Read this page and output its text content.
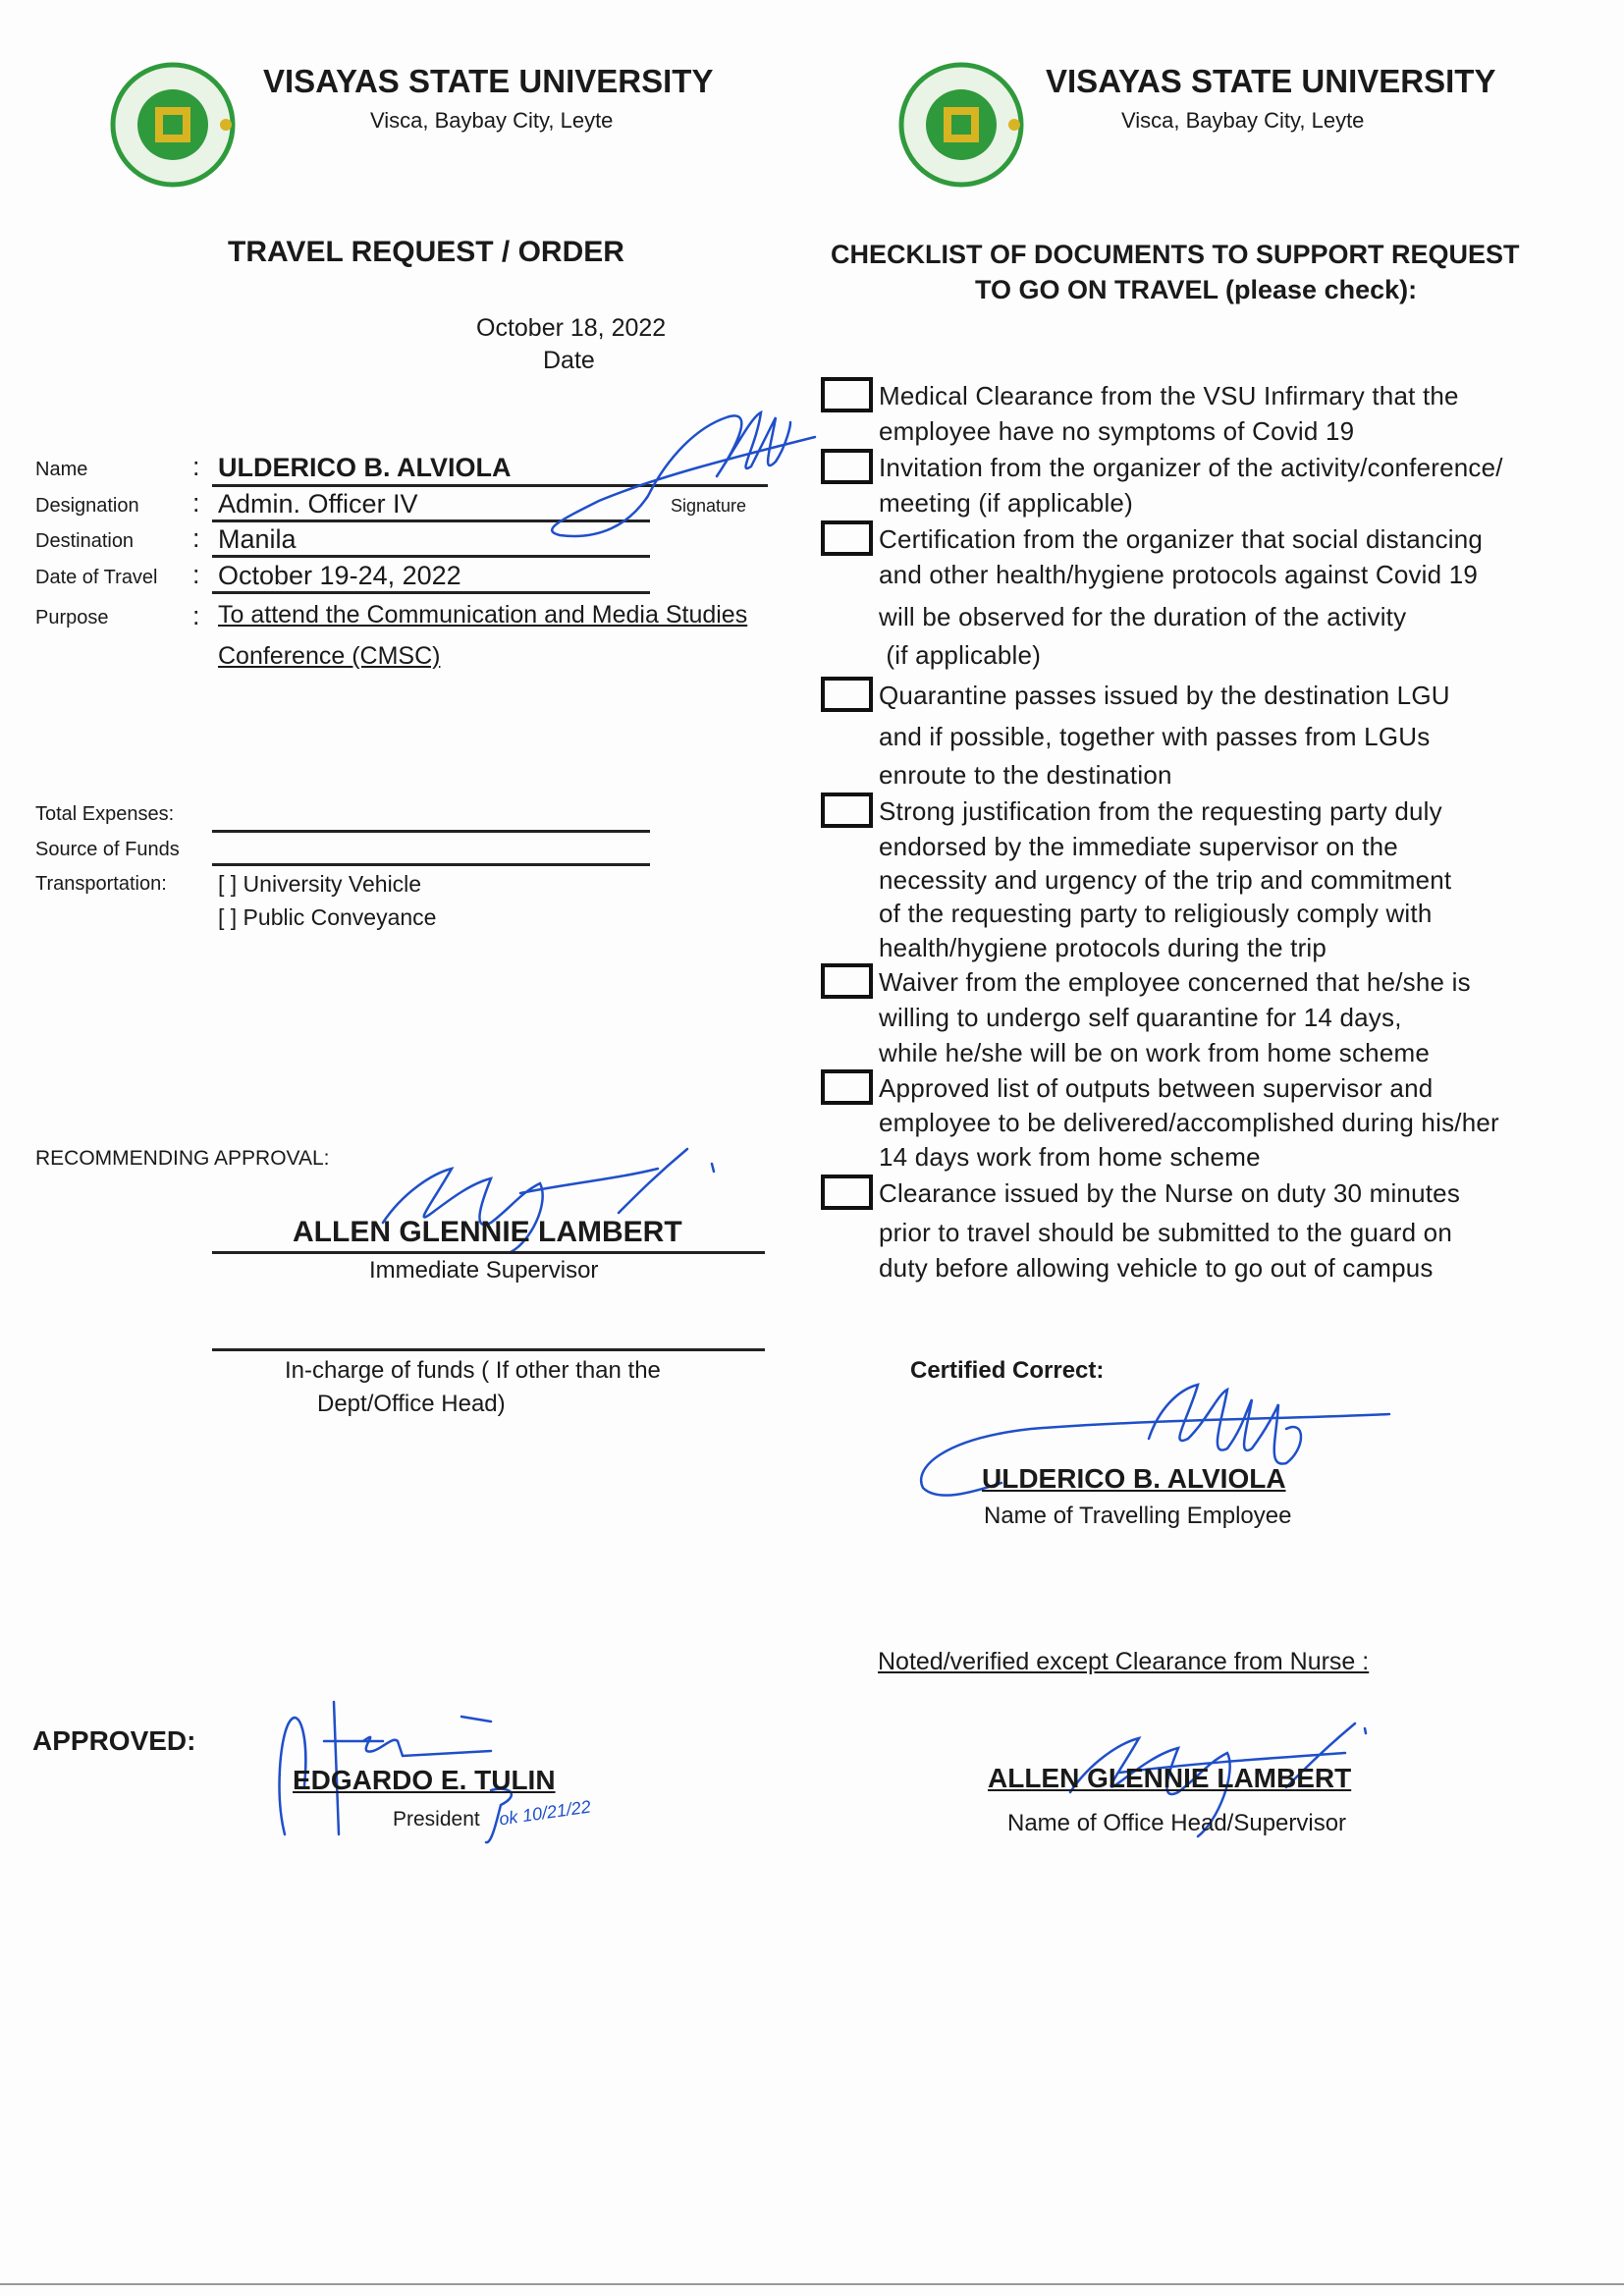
VISAYAS STATE UNIVERSITY
Visca, Baybay City, Leyte
VISAYAS STATE UNIVERSITY
Visca, Baybay City, Leyte
TRAVEL REQUEST / ORDER
October 18, 2022
Date
Name
Designation
Destination
Date of Travel
Purpose
:
:
:
:
:
ULDERICO B. ALVIOLA
Admin. Officer IV	Signature
Manila
October 19-24, 2022
To attend the Communication and Media Studies
Conference (CMSC)
Total Expenses:
Source of Funds
Transportation: [ ] University Vehicle
[ ] Public Conveyance
RECOMMENDING APPROVAL:
ALLEN GLENNIE LAMBERT
Immediate Supervisor
In-charge of funds ( If other than the
Dept/Office Head)
APPROVED:
EDGARDO E. TULIN
President ok 10/21/22
CHECKLIST OF DOCUMENTS TO SUPPORT REQUEST
TO GO ON TRAVEL (please check):
Medical Clearance from the VSU Infirmary that the
employee have no symptoms of Covid 19
Invitation from the organizer of the activity/conference/
meeting (if applicable)
Certification from the organizer that social distancing
and other health/hygiene protocols against Covid 19
will be observed for the duration of the activity
(if applicable)
Quarantine passes issued by the destination LGU
and if possible, together with passes from LGUs
enroute to the destination
Strong justification from the requesting party duly
endorsed by the immediate supervisor on the
necessity and urgency of the trip and commitment
of the requesting party to religiously comply with
health/hygiene protocols during the trip
Waiver from the employee concerned that he/she is
willing to undergo self quarantine for 14 days,
while he/she will be on work from home scheme
Approved list of outputs between supervisor and
employee to be delivered/accomplished during his/her
14 days work from home scheme
Clearance issued by the Nurse on duty 30 minutes
prior to travel should be submitted to the guard on
duty before allowing vehicle to go out of campus
Certified Correct:
ULDERICO B. ALVIOLA
Name of Travelling Employee
Noted/verified except Clearance from Nurse :
ALLEN GLENNIE LAMBERT
Name of Office Head/Supervisor
